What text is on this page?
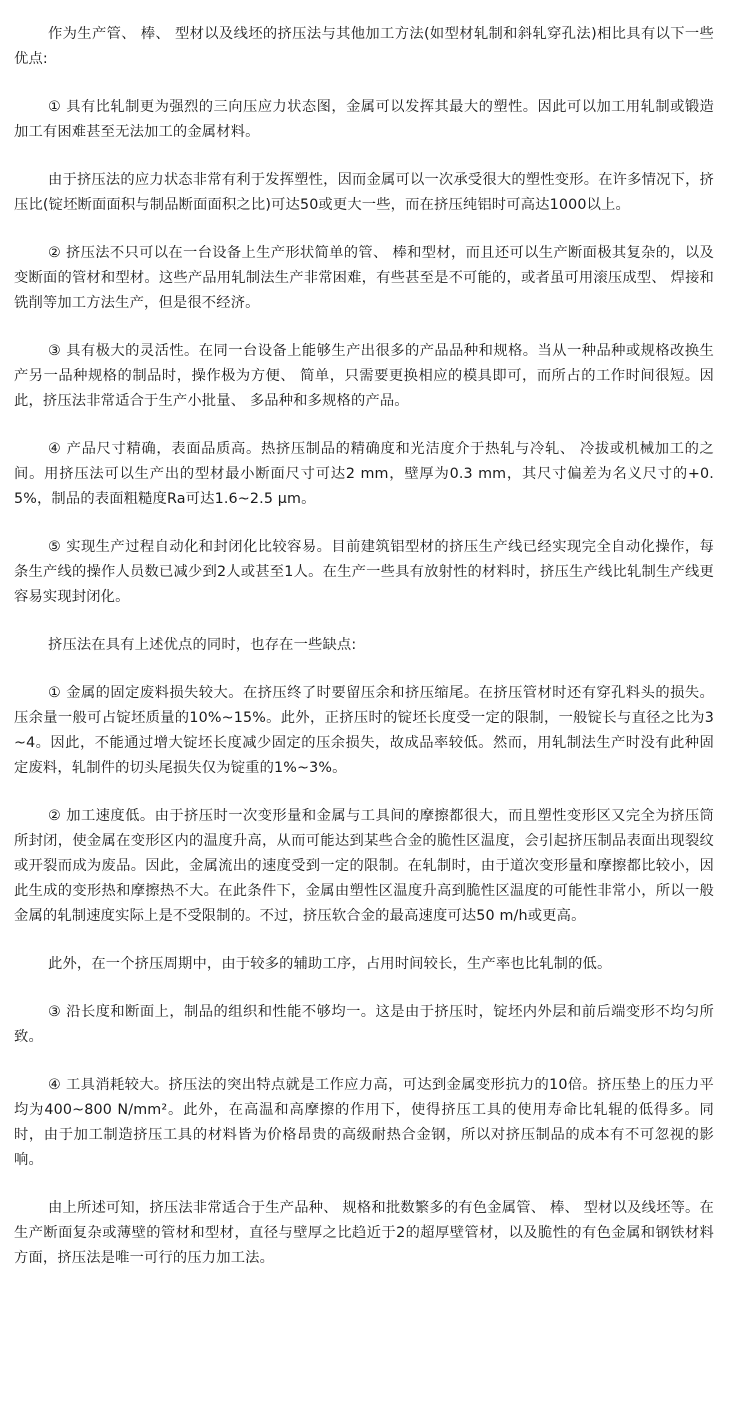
作为生产管、 棒、 型材以及线坯的挤压法与其他加工方法(如型材轧制和斜轧穿孔法)相比具有以下一些优点:

① 具有比轧制更为强烈的三向压应力状态图，金属可以发挥其最大的塑性。因此可以加工用轧制或锻造加工有困难甚至无法加工的金属材料。

由于挤压法的应力状态非常有利于发挥塑性，因而金属可以一次承受很大的塑性变形。在许多情况下，挤压比(锭坯断面面积与制品断面面积之比)可达50或更大一些，而在挤压纯铝时可高达1000以上。

② 挤压法不只可以在一台设备上生产形状简单的管、 棒和型材，而且还可以生产断面极其复杂的，以及变断面的管材和型材。这些产品用轧制法生产非常困难，有些甚至是不可能的，或者虽可用滚压成型、 焊接和铣削等加工方法生产，但是很不经济。

③ 具有极大的灵活性。在同一台设备上能够生产出很多的产品品种和规格。当从一种品种或规格改换生产另一品种规格的制品时，操作极为方便、 简单，只需要更换相应的模具即可，而所占的工作时间很短。因此，挤压法非常适合于生产小批量、 多品种和多规格的产品。

④ 产品尺寸精确，表面品质高。热挤压制品的精确度和光洁度介于热轧与冷轧、 冷拔或机械加工的之间。用挤压法可以生产出的型材最小断面尺寸可达2 mm，壁厚为0.3 mm，其尺寸偏差为名义尺寸的+0.5%，制品的表面粗糙度Ra可达1.6~2.5 μm。

⑤ 实现生产过程自动化和封闭化比较容易。目前建筑铝型材的挤压生产线已经实现完全自动化操作，每条生产线的操作人员数已减少到2人或甚至1人。在生产一些具有放射性的材料时，挤压生产线比轧制生产线更容易实现封闭化。

挤压法在具有上述优点的同时，也存在一些缺点:

① 金属的固定废料损失较大。在挤压终了时要留压余和挤压缩尾。在挤压管材时还有穿孔料头的损失。压余量一般可占锭坯质量的10%~15%。此外，正挤压时的锭坯长度受一定的限制，一般锭长与直径之比为3~4。因此，不能通过增大锭坯长度减少固定的压余损失，故成品率较低。然而，用轧制法生产时没有此种固定废料，轧制件的切头尾损失仅为锭重的1%~3%。

② 加工速度低。由于挤压时一次变形量和金属与工具间的摩擦都很大，而且塑性变形区又完全为挤压筒所封闭，使金属在变形区内的温度升高，从而可能达到某些合金的脆性区温度，会引起挤压制品表面出现裂纹或开裂而成为废品。因此，金属流出的速度受到一定的限制。在轧制时，由于道次变形量和摩擦都比较小，因此生成的变形热和摩擦热不大。在此条件下，金属由塑性区温度升高到脆性区温度的可能性非常小，所以一般金属的轧制速度实际上是不受限制的。不过，挤压软合金的最高速度可达50 m/h或更高。

此外，在一个挤压周期中，由于较多的辅助工序，占用时间较长，生产率也比轧制的低。

③ 沿长度和断面上，制品的组织和性能不够均一。这是由于挤压时，锭坯内外层和前后端变形不均匀所致。

④ 工具消耗较大。挤压法的突出特点就是工作应力高，可达到金属变形抗力的10倍。挤压垫上的压力平均为400~800 N/mm²。此外，在高温和高摩擦的作用下，使得挤压工具的使用寿命比轧辊的低得多。同时，由于加工制造挤压工具的材料皆为价格昂贵的高级耐热合金钢，所以对挤压制品的成本有不可忽视的影响。

由上所述可知，挤压法非常适合于生产品种、 规格和批数繁多的有色金属管、 棒、 型材以及线坯等。在生产断面复杂或薄壁的管材和型材，直径与壁厚之比趋近于2的超厚壁管材，以及脆性的有色金属和钢铁材料方面，挤压法是唯一可行的压力加工法。
